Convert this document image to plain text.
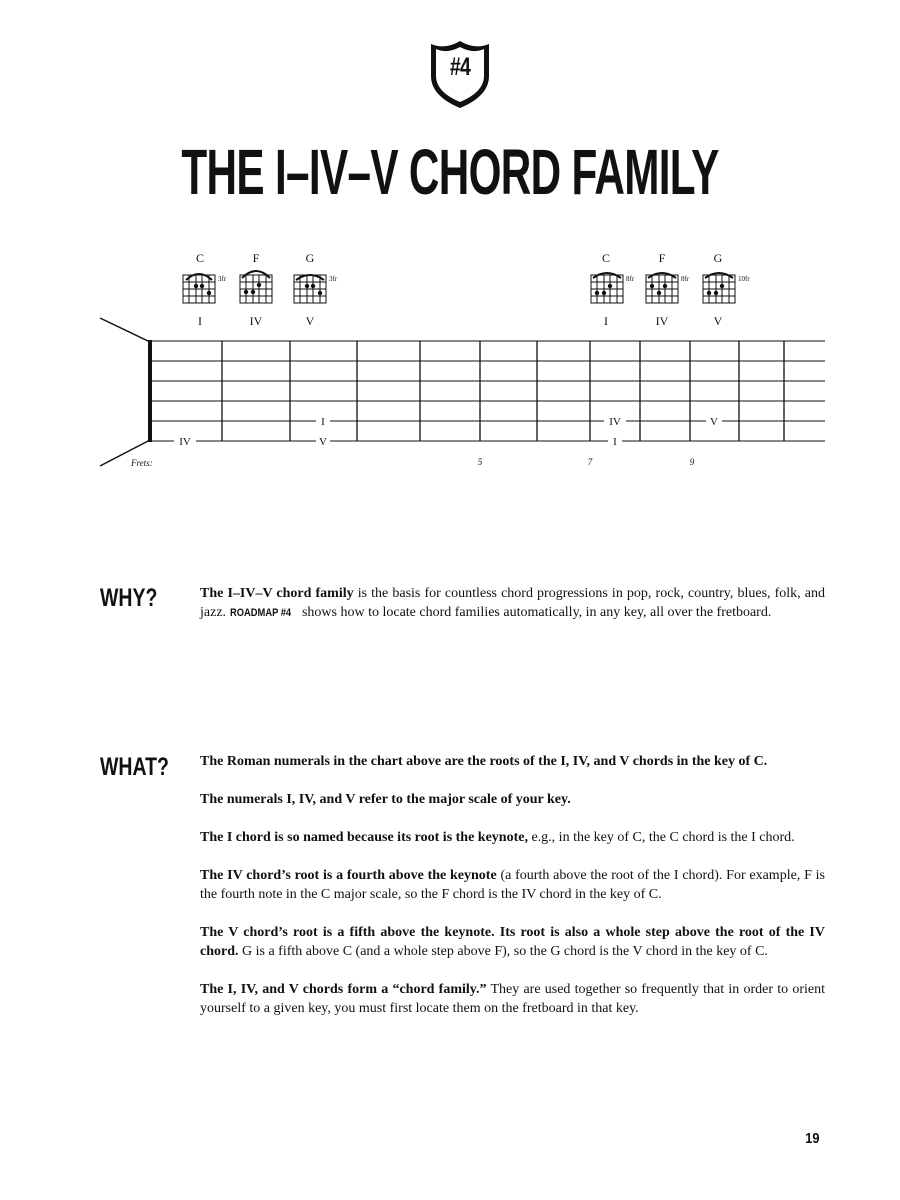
#4
THE I–IV–V CHORD FAMILY
C
3fr
I
F
IV
G
3fr
V
C
8fr
I
F
8fr
IV
G
10fr
V
IV
I
V
IV
I
V
Frets:	5	7	9
WHY?	The I–IV–V chord family is the basis for countless chord progressions in pop, rock, country, blues, folk, and jazz. ROADMAP #4 shows how to locate chord families automatically, in any key, all over the fretboard.

WHAT? The Roman numerals in the chart above are the roots of the I, IV, and V chords in the key of C.

The numerals I, IV, and V refer to the major scale of your key.

The I chord is so named because its root is the keynote, e.g., in the key of C, the C chord is the I chord.

The IV chord’s root is a fourth above the keynote (a fourth above the root of the I chord). For example, F is the fourth note in the C major scale, so the F chord is the IV chord in the key of C.

The V chord’s root is a fifth above the keynote. Its root is also a whole step above the root of the IV chord. G is a fifth above C (and a whole step above F), so the G chord is the V chord in the key of C.

The I, IV, and V chords form a “chord family.” They are used together so frequently that in order to orient yourself to a given key, you must first locate them on the fretboard in that key.

19
